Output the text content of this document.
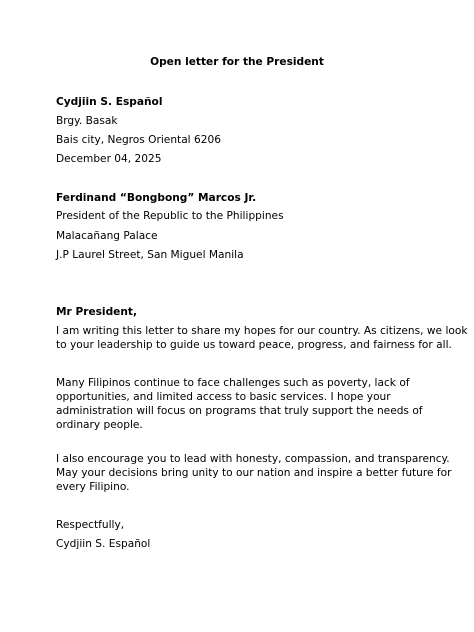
Open letter for the President
Cydjiin S. Español
Brgy. Basak
Bais city, Negros Oriental 6206
December 04, 2025
Ferdinand “Bongbong” Marcos Jr.
President of the Republic to the Philippines
Malacañang Palace
J.P Laurel Street, San Miguel Manila
Mr President,
I am writing this letter to share my hopes for our country. As citizens, we look
to your leadership to guide us toward peace, progress, and fairness for all.
Many Filipinos continue to face challenges such as poverty, lack of
opportunities, and limited access to basic services. I hope your
administration will focus on programs that truly support the needs of
ordinary people.
I also encourage you to lead with honesty, compassion, and transparency.
May your decisions bring unity to our nation and inspire a better future for
every Filipino.
Respectfully,
Cydjiin S. Español
